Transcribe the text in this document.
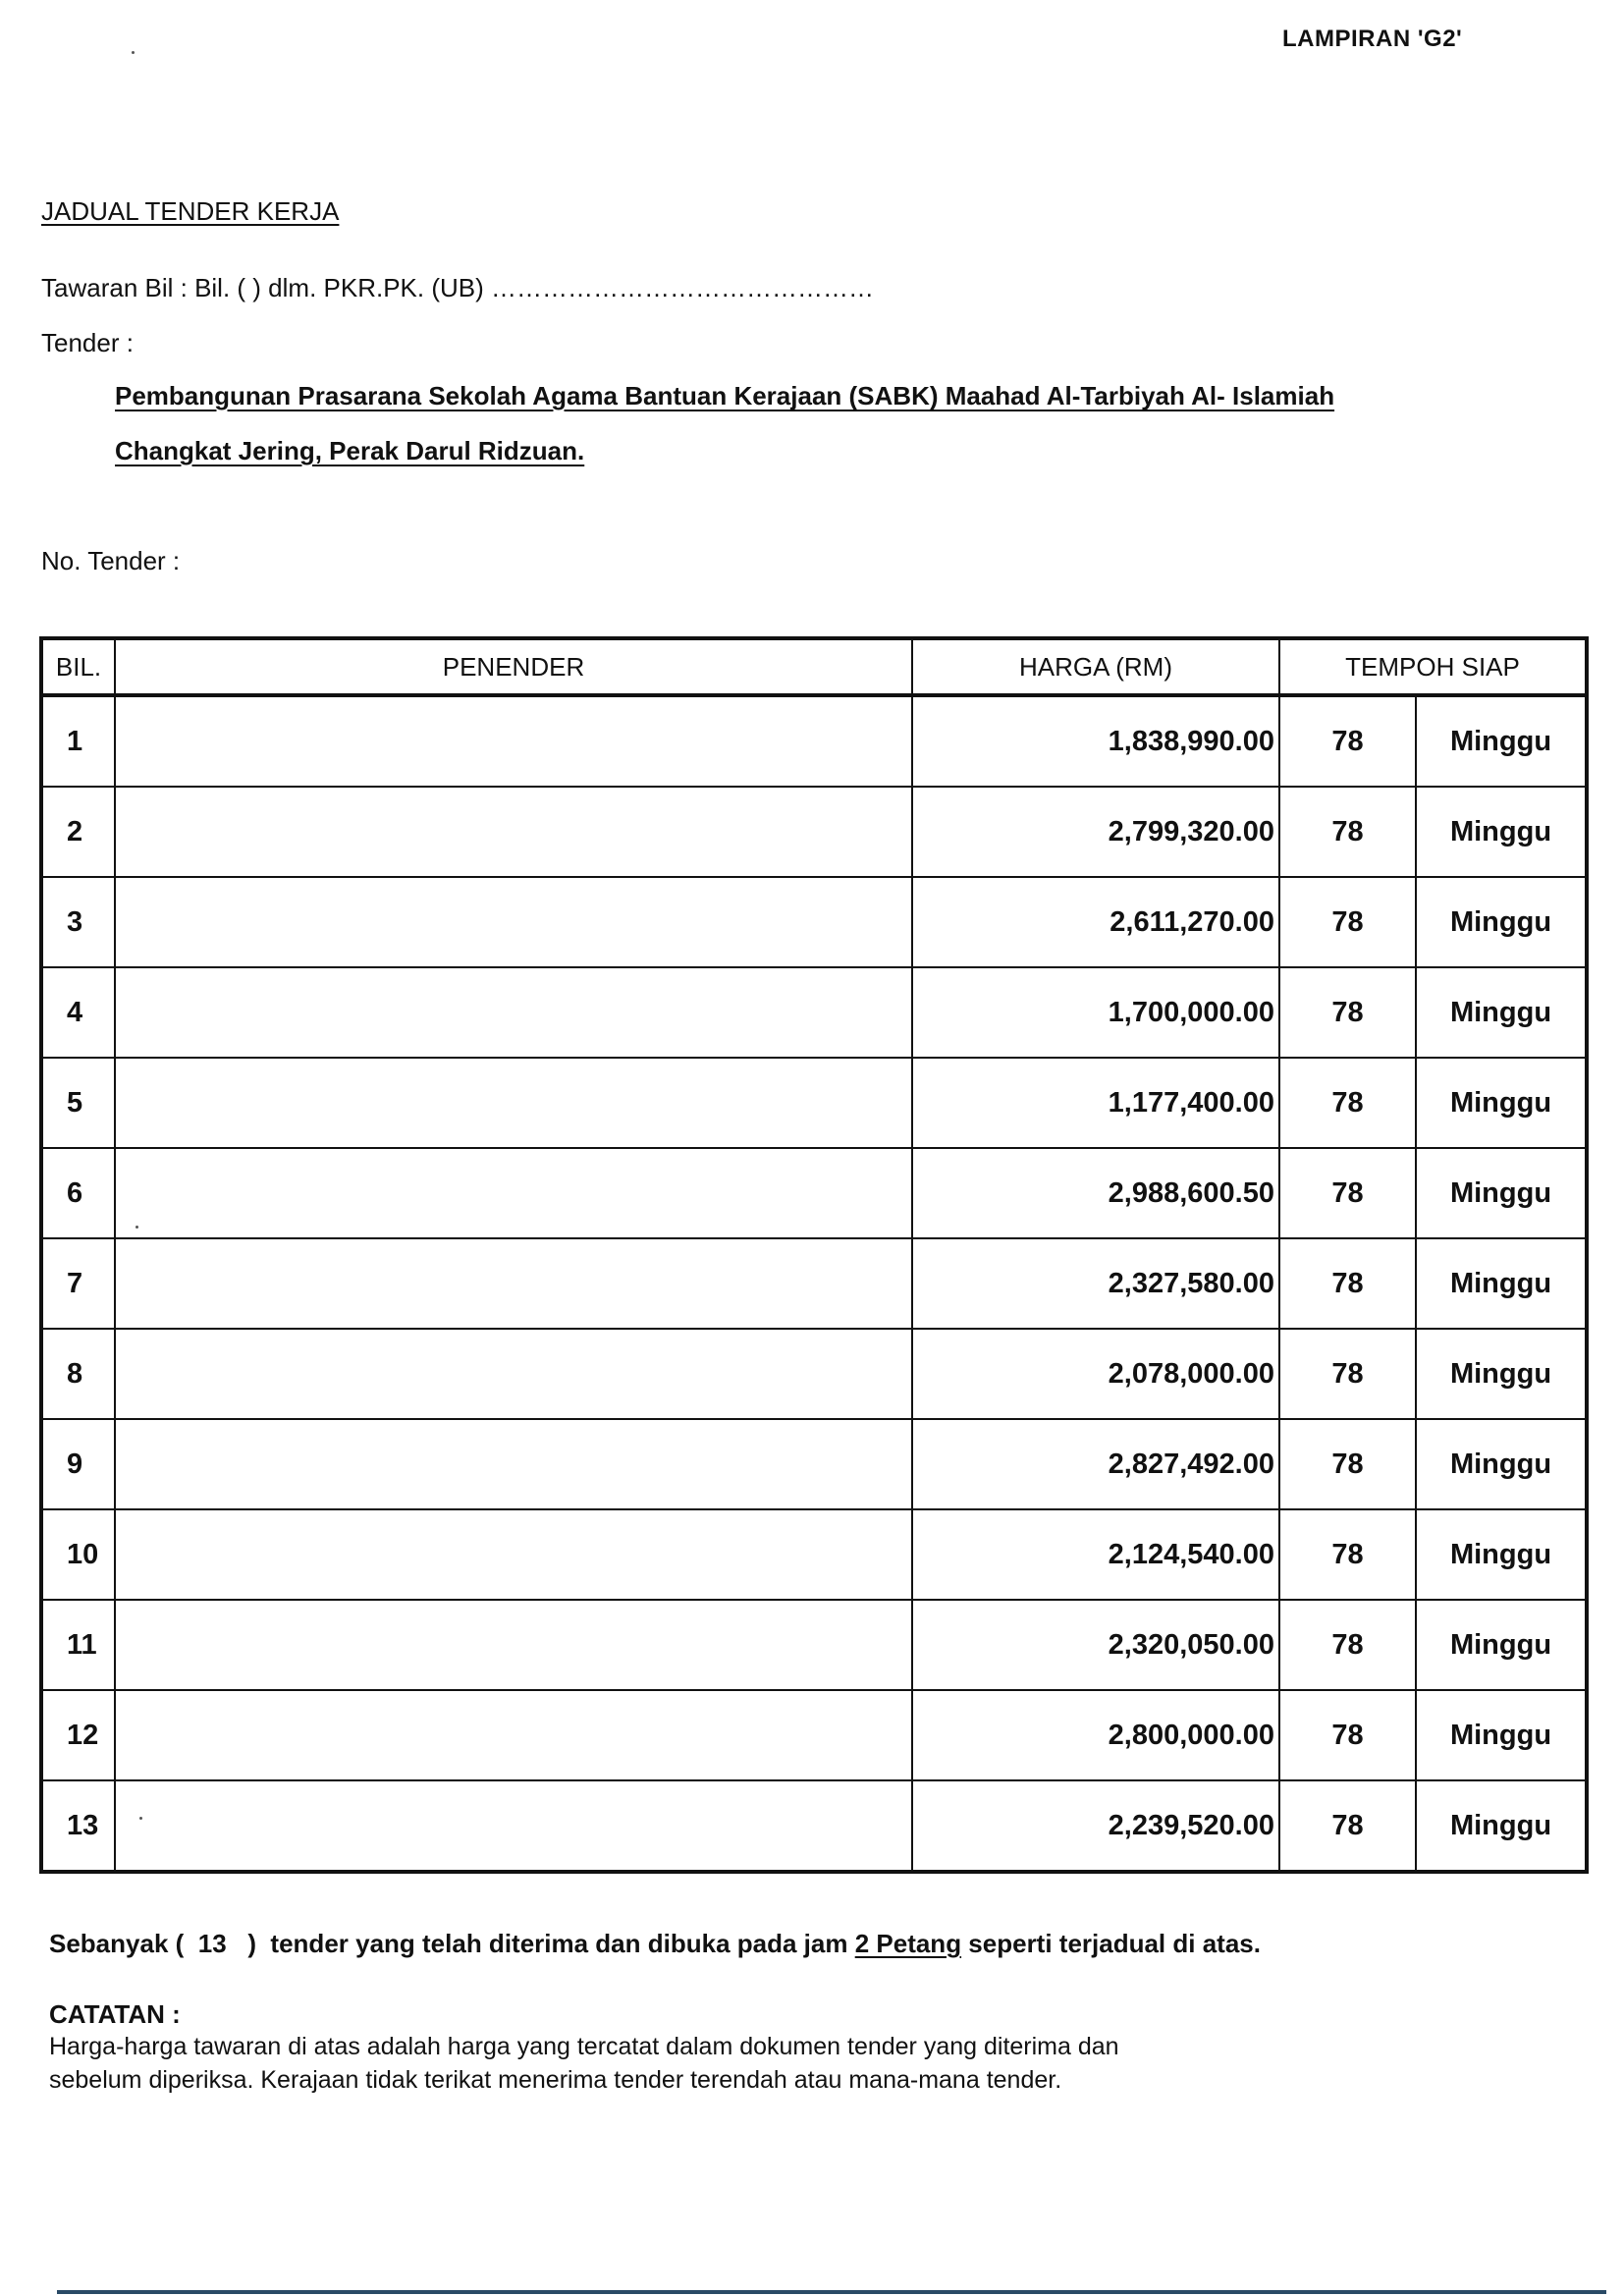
LAMPIRAN 'G2'
JADUAL TENDER KERJA
Tawaran Bil : Bil. ( ) dlm. PKR.PK. (UB) ………………………………………
Tender :
Pembangunan Prasarana Sekolah Agama Bantuan Kerajaan (SABK) Maahad Al-Tarbiyah Al- Islamiah
Changkat Jering, Perak Darul Ridzuan.
No. Tender :
BIL.	PENENDER	HARGA (RM)	TEMPOH SIAP	
1		1,838,990.00	78	Minggu
2		2,799,320.00	78	Minggu
3		2,611,270.00	78	Minggu
4		1,700,000.00	78	Minggu
5		1,177,400.00	78	Minggu
6		2,988,600.50	78	Minggu
7		2,327,580.00	78	Minggu
8		2,078,000.00	78	Minggu
9		2,827,492.00	78	Minggu
10		2,124,540.00	78	Minggu
11		2,320,050.00	78	Minggu
12		2,800,000.00	78	Minggu
13		2,239,520.00	78	Minggu
Sebanyak (  13   )  tender yang telah diterima dan dibuka pada jam 2 Petang seperti terjadual di atas.
CATATAN :
Harga-harga tawaran di atas adalah harga yang tercatat dalam dokumen tender yang diterima dan
sebelum diperiksa. Kerajaan tidak terikat menerima tender terendah atau mana-mana tender.
